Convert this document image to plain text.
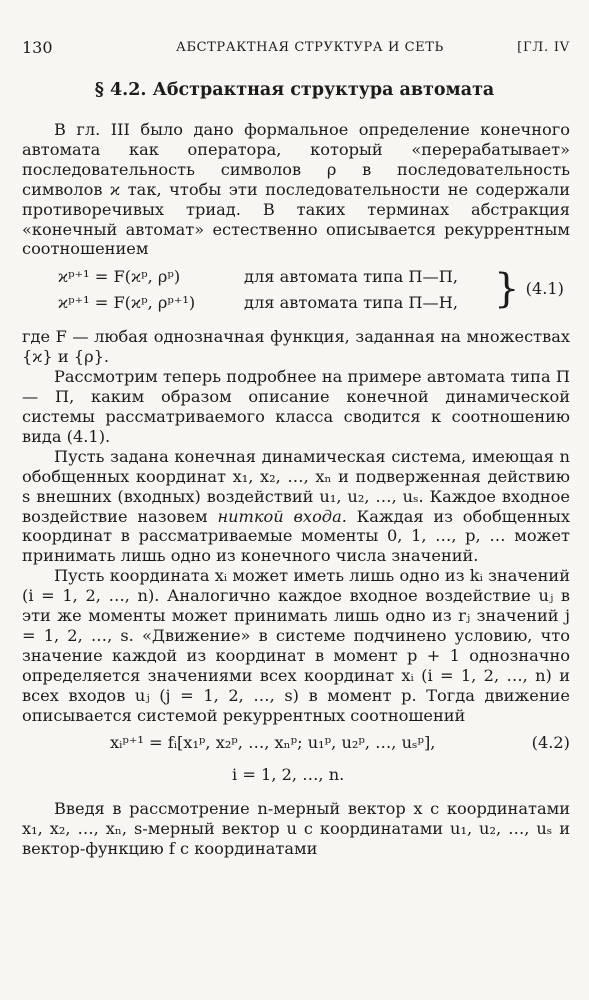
130	АБСТРАКТНАЯ СТРУКТУРА И СЕТЬ	[ГЛ. IV
§ 4.2. Абстрактная структура автомата

В гл. III было дано формальное определение конечного автомата как оператора, который «перерабатывает» последовательность символов ρ в последовательность символов ϰ так, чтобы эти последовательности не содержали противоречивых триад. В таких терминах абстракция «конечный автомат» естественно описывается рекуррентным соотношением

ϰᵖ⁺¹ = F(ϰᵖ, ρᵖ)	для автомата типа П—П,
ϰᵖ⁺¹ = F(ϰᵖ, ρᵖ⁺¹)	для автомата типа П—Н, } (4.1)

где F — любая однозначная функция, заданная на множествах {ϰ} и {ρ}.

Рассмотрим теперь подробнее на примере автомата типа П — П, каким образом описание конечной динамической системы рассматриваемого класса сводится к соотношению вида (4.1).

Пусть задана конечная динамическая система, имеющая n обобщенных координат x₁, x₂, …, xₙ и подверженная действию s внешних (входных) воздействий u₁, u₂, …, uₛ. Каждое входное воздействие назовем ниткой входа. Каждая из обобщенных координат в рассматриваемые моменты 0, 1, …, p, … может принимать лишь одно из конечного числа значений.

Пусть координата xᵢ может иметь лишь одно из kᵢ значений (i = 1, 2, …, n). Аналогично каждое входное воздействие uⱼ в эти же моменты может принимать лишь одно из rⱼ значений j = 1, 2, …, s. «Движение» в системе подчинено условию, что значение каждой из координат в момент p + 1 однозначно определяется значениями всех координат xᵢ (i = 1, 2, …, n) и всех входов uⱼ (j = 1, 2, …, s) в момент p. Тогда движение описывается системой рекуррентных соотношений

xᵢᵖ⁺¹ = fᵢ[x₁ᵖ, x₂ᵖ, …, xₙᵖ; u₁ᵖ, u₂ᵖ, …, uₛᵖ],	(4.2)
i = 1, 2, …, n.

Введя в рассмотрение n-мерный вектор x с координатами x₁, x₂, …, xₙ, s-мерный вектор u с координатами u₁, u₂, …, uₛ и вектор-функцию f с координатами
